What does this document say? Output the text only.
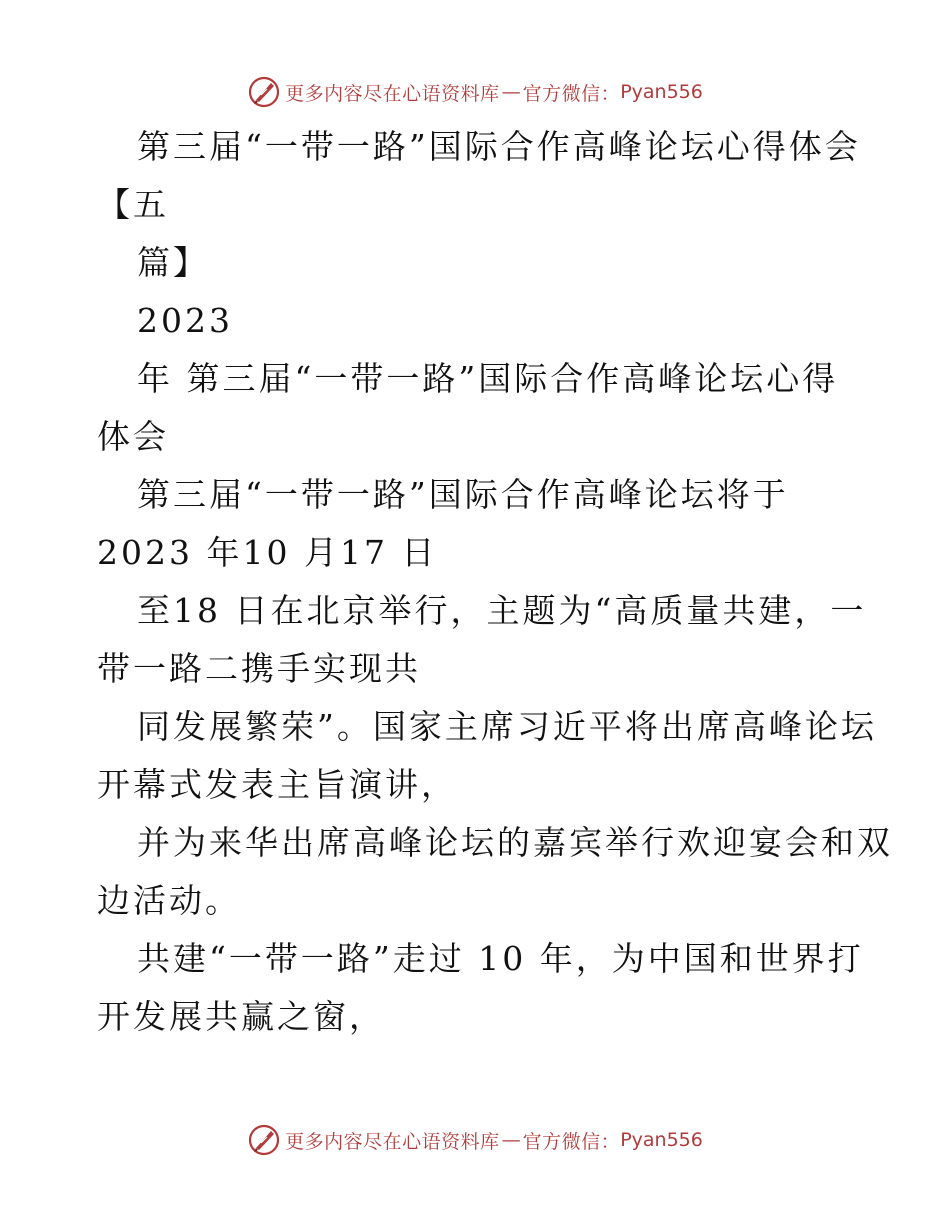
更多内容尽在心语资料库 — 官方微信： Pyan556
第三届“一带一路”国际合作高峰论坛心得体会
【五
篇】
2023
年 第三届“一带一路”国际合作高峰论坛心得
体会
第三届“一带一路”国际合作高峰论坛将于
2023 年10 月17 日
至18 日在北京举行，主题为“高质量共建，一
带一路二携手实现共
同发展繁荣”。国家主席习近平将出席高峰论坛
开幕式发表主旨演讲，
并为来华出席高峰论坛的嘉宾举行欢迎宴会和双
边活动。
共建“一带一路”走过 10 年，为中国和世界打
开发展共赢之窗，
更多内容尽在心语资料库 — 官方微信： Pyan556
